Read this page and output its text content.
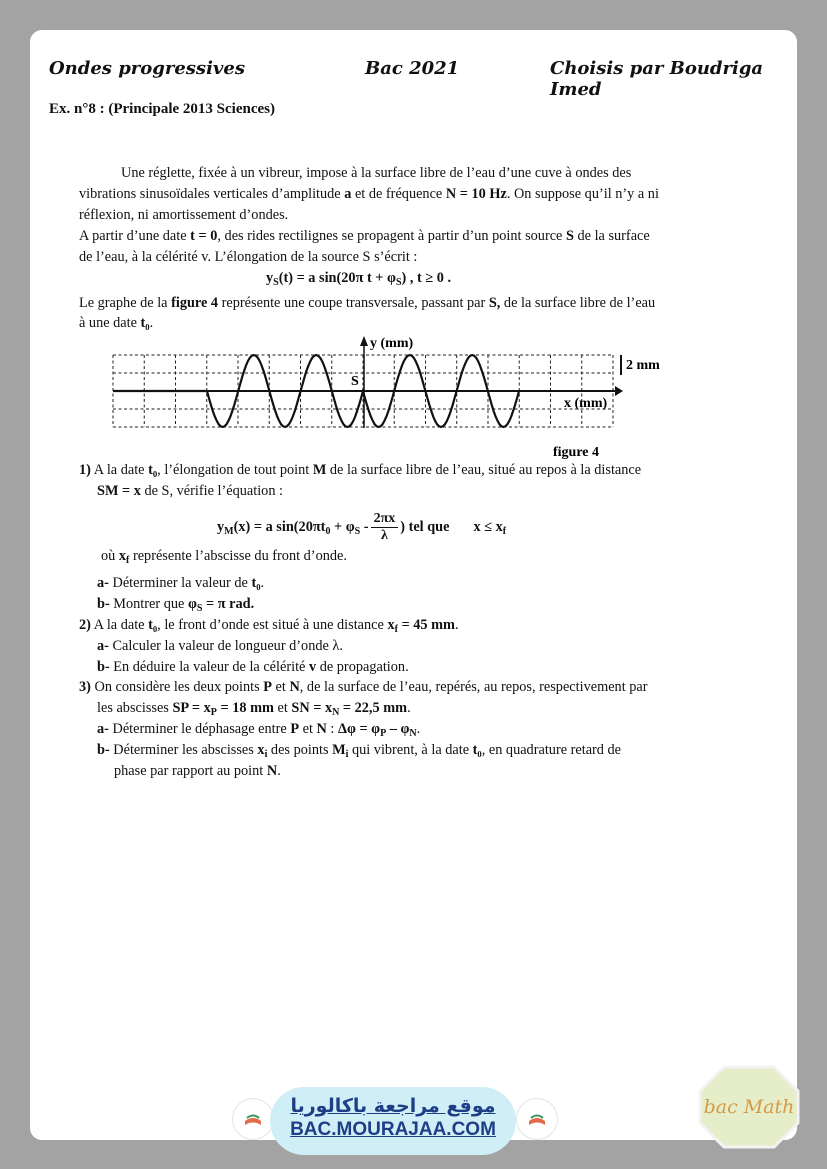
Ondes progressives	Bac 2021	Choisis par Boudriga Imed
Ex. n°8 : (Principale 2013 Sciences)
Une réglette, fixée à un vibreur, impose à la surface libre de l’eau d’une cuve à ondes des
vibrations sinusoïdales verticales d’amplitude a et de fréquence N = 10 Hz. On suppose qu’il n’y a ni
réflexion, ni amortissement d’ondes.
A partir d’une date t = 0, des rides rectilignes se propagent à partir d’un point source S de la surface
de l’eau, à la célérité v. L’élongation de la source S s’écrit :
$y_S(t) = a$ sin(20π $t + \varphi_S$) , t ≥ 0 .
Le graphe de la figure 4 représente une coupe transversale, passant par S, de la surface libre de l’eau
à une date t₀.
y (mm)
2 mm
S
x (mm)
figure 4
1) A la date t₀, l’élongation de tout point M de la surface libre de l’eau, situé au repos à la distance
SM = x de S, vérifie l’équation :
$y_M(x) = a$ $\sin(20\pi t_0 + \varphi_S - \frac{2\pi x}{\lambda}$ ) tel que $x \le x_f$
où $x_f$ représente l’abscisse du front d’onde.
a- Déterminer la valeur de t₀.
b- Montrer que $\varphi_S = \pi$ rad.
2) A la date t₀, le front d’onde est situé à une distance $x_f = 45$ mm.
a- Calculer la valeur de longueur d’onde λ.
b- En déduire la valeur de la célérité v de propagation.
3) On considère les deux points P et N, de la surface de l’eau, repérés, au repos, respectivement par
les abscisses SP = $x_P = 18$ mm et SN = $x_N = 22,5$ mm.
a- Déterminer le déphasage entre P et N : $\Delta\varphi = \varphi_P - \varphi_N$.
b- Déterminer les abscisses $x_i$ des points $M_i$ qui vibrent, à la date t₀, en quadrature retard de
phase par rapport au point N.
موقع مراجعة باكالوريا
BAC.MOURAJAA.COM
bac Math
